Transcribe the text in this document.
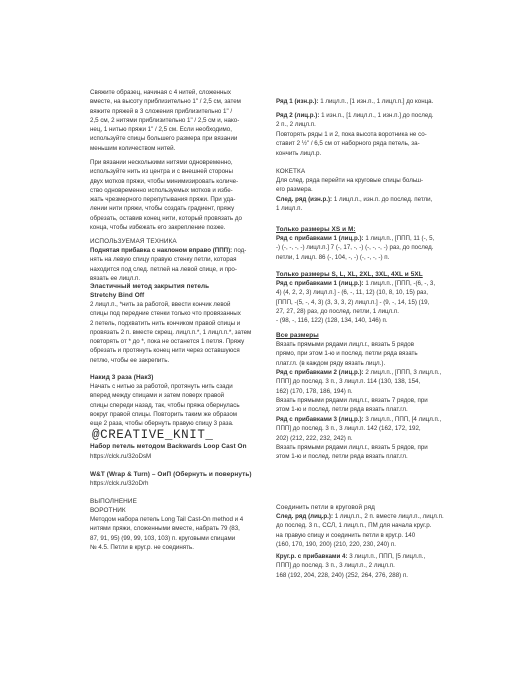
Свяжите образец, начиная с 4 нитей, сложенных
вместе, на высоту приблизительно 1" / 2,5 см, затем
вяжите пряжей в 3 сложения приблизительно 1" /
2,5 см, 2 нитями приблизительно 1" / 2,5 см и, нако-
нец, 1 нитью пряжи 1" / 2,5 см. Если необходимо,
используйте спицы большего размера при вязании
меньшим количеством нитей.

При вязании несколькими нитями одновременно,
используйте нить из центра и с внешней стороны
двух мотков пряжи, чтобы минимизировать количе-
ство одновременно используемых мотков и избе-
жать чрезмерного перепутывания пряжи. При уда-
лении нити пряжи, чтобы создать градиент, пряжу
обрезать, оставив конец нити, который провязать до
конца, чтобы избежать его закрепление позже.

ИСПОЛЬЗУЕМАЯ ТЕХНИКА

Поднятая прибавка с наклоном вправо (ППП): под-
нять на левую спицу правую стенку петли, которая
находится под след. петлей на левой спице, и про-
вязать ее лицл.п.

Эластичный метод закрытия петель
Stretchy Bind Off

2 лицл.п., *нить за работой, ввести кончик левой
спицы под передние стенки только что провязанных
2 петель, подхватить нить кончиком правой спицы и
провязать 2 п. вместе скрещ. лицл.п.*, 1 лицл.п.*, затем
повторять от * до *, пока не останется 1 петля. Пряжу
обрезать и протянуть конец нити через оставшуюся
петлю, чтобы ее закрепить.

Накид 3 раза (Нак3)

Начать с нитью за работой, протянуть нить сзади
вперед между спицами и затем поверх правой
спицы спереди назад, так, чтобы пряжа обернулась
вокруг правой спицы. Повторить таким же образом
еще 2 раза, чтобы обернуть правую спицу 3 раза.

@CREATIVE_KNIT_
Набор петель методом Backwards Loop Cast On
https://clck.ru/32oDsM
W&T (Wrap & Turn) – ОиП (Обернуть и повернуть)
https://clck.ru/32oDrh
ВЫПОЛНЕНИЕ
ВОРОТНИК

Методом набора петель Long Tail Cast-On method и 4
нитями пряжи, сложенными вместе, набрать 79 (83,
87, 91, 95) (99, 99, 103, 103) п. круговыми спицами
№ 4.5. Петли в круг.р. не соединять.

Ряд 1 (изн.р.): 1 лицл.п., [1 изн.п., 1 лицл.п.] до конца.

Ряд 2 (лиц.р.): 1 изн.п., [1 лицл.п., 1 изн.п.] до послед.
2 п., 2 лицл.п.

Повторять ряды 1 и 2, пока высота воротника не со-
ставит 2 ½" / 6,5 см от наборного ряда петель, за-
кончить лицл.р.

КОКЕТКА

Для след. ряда перейти на круговые спицы больш-
его размера.

След. ряд (изн.р.): 1 лицл.п., изн.п. до послед. петли,
1 лицл.п.

Только размеры XS и M:

Ряд с прибавками 1 (лиц.р.): 1 лицл.п., [ППП, 11 (-, 5,
-) (-, -, -, -) лицл.п.] 7 (-, 17, -, -) (-, -, -, -) раз, до послед.
петли, 1 лицл. 86 (-, 104, -, -) (-, -, -, -) п.

Только размеры S, L, XL, 2XL, 3XL, 4XL и 5XL

Ряд с прибавками 1 (лиц.р.): 1 лицл.п., [ППП, -(6, -, 3,
4) (4, 2, 2, 3) лицл.п.] - (6, -, 11, 12) (10, 8, 10, 15) раз,
[ППП, -(5, -, 4, 3) (3, 3, 3, 2) лицл.п.] - (9, -, 14, 15) (19,
27, 27, 28) раз, до послед. петли, 1 лицл.п.
- (98, -, 116, 122) (128, 134, 140, 146) п.

Все размеры

Вязать прямыми рядами лицл.г., вязать 5 рядов
прямо, при этом 1-ю и послед. петли ряда вязать
плат.гл. (в каждом ряду вязать лицл.).

Ряд с прибавками 2 (лиц.р.): 2 лицл.п., [ППП, 3 лицл.п.,
ППП] до послед. 3 п., 3 лицл.п. 114 (130, 138, 154,
162) (170, 178, 186, 194) п.

Вязать прямыми рядами лицл.г., вязать 7 рядов, при
этом 1-ю и послед. петли ряда вязать плат.гл.

Ряд с прибавками 3 (лиц.р.): 3 лицл.п., ППП, [4 лицл.п.,
ППП] до послед. 3 п., 3 лицл.п. 142 (162, 172, 192,
202) (212, 222, 232, 242) п.

Вязать прямыми рядами лицл.г., вязать 5 рядов, при
этом 1-ю и послед. петли ряда вязать плат.гл.

Соединить петли в круговой ряд

След. ряд (лиц.р.): 1 лицл.п., 2 п. вместе лицл.п., лицл.п.
до послед. 3 п., ССЛ, 1 лицл.п., ПМ для начала круг.р.
на правую спицу и соединить петли в круг.р. 140
(160, 170, 190, 200) (210, 220, 230, 240) п.

Круг.р. с прибавками 4: 3 лицл.п., ППП, [5 лицл.п.,
ППП] до послед. 3 п., 3 лицл.п., 2 лицл.п.
168 (192, 204, 228, 240) (252, 264, 276, 288) п.
